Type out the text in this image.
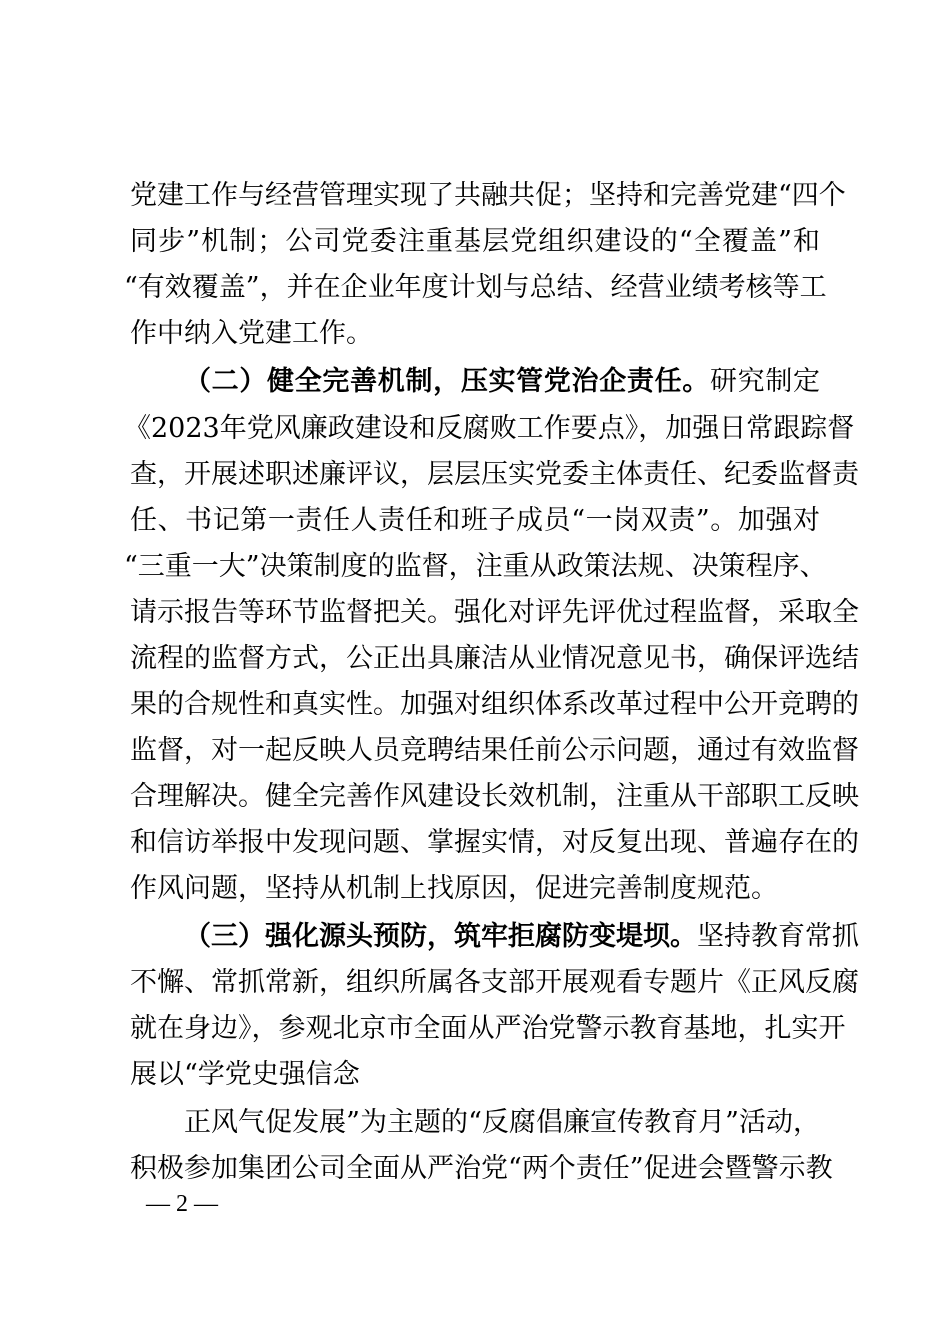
党建工作与经营管理实现了共融共促；坚持和完善党建“四个
同步”机制；公司党委注重基层党组织建设的“全覆盖”和
“有效覆盖”，并在企业年度计划与总结、经营业绩考核等工
作中纳入党建工作。
（二）健全完善机制，压实管党治企责任。研究制定
《2023年党风廉政建设和反腐败工作要点》，加强日常跟踪督
查，开展述职述廉评议，层层压实党委主体责任、纪委监督责
任、书记第一责任人责任和班子成员“一岗双责”。加强对
“三重一大”决策制度的监督，注重从政策法规、决策程序、
请示报告等环节监督把关。强化对评先评优过程监督，采取全
流程的监督方式，公正出具廉洁从业情况意见书，确保评选结
果的合规性和真实性。加强对组织体系改革过程中公开竞聘的
监督，对一起反映人员竞聘结果任前公示问题，通过有效监督
合理解决。健全完善作风建设长效机制，注重从干部职工反映
和信访举报中发现问题、掌握实情，对反复出现、普遍存在的
作风问题，坚持从机制上找原因，促进完善制度规范。
（三）强化源头预防，筑牢拒腐防变堤坝。坚持教育常抓
不懈、常抓常新，组织所属各支部开展观看专题片《正风反腐
就在身边》，参观北京市全面从严治党警示教育基地，扎实开
展以“学党史强信念
正风气促发展”为主题的“反腐倡廉宣传教育月”活动，
积极参加集团公司全面从严治党“两个责任”促进会暨警示教
— 2 —
